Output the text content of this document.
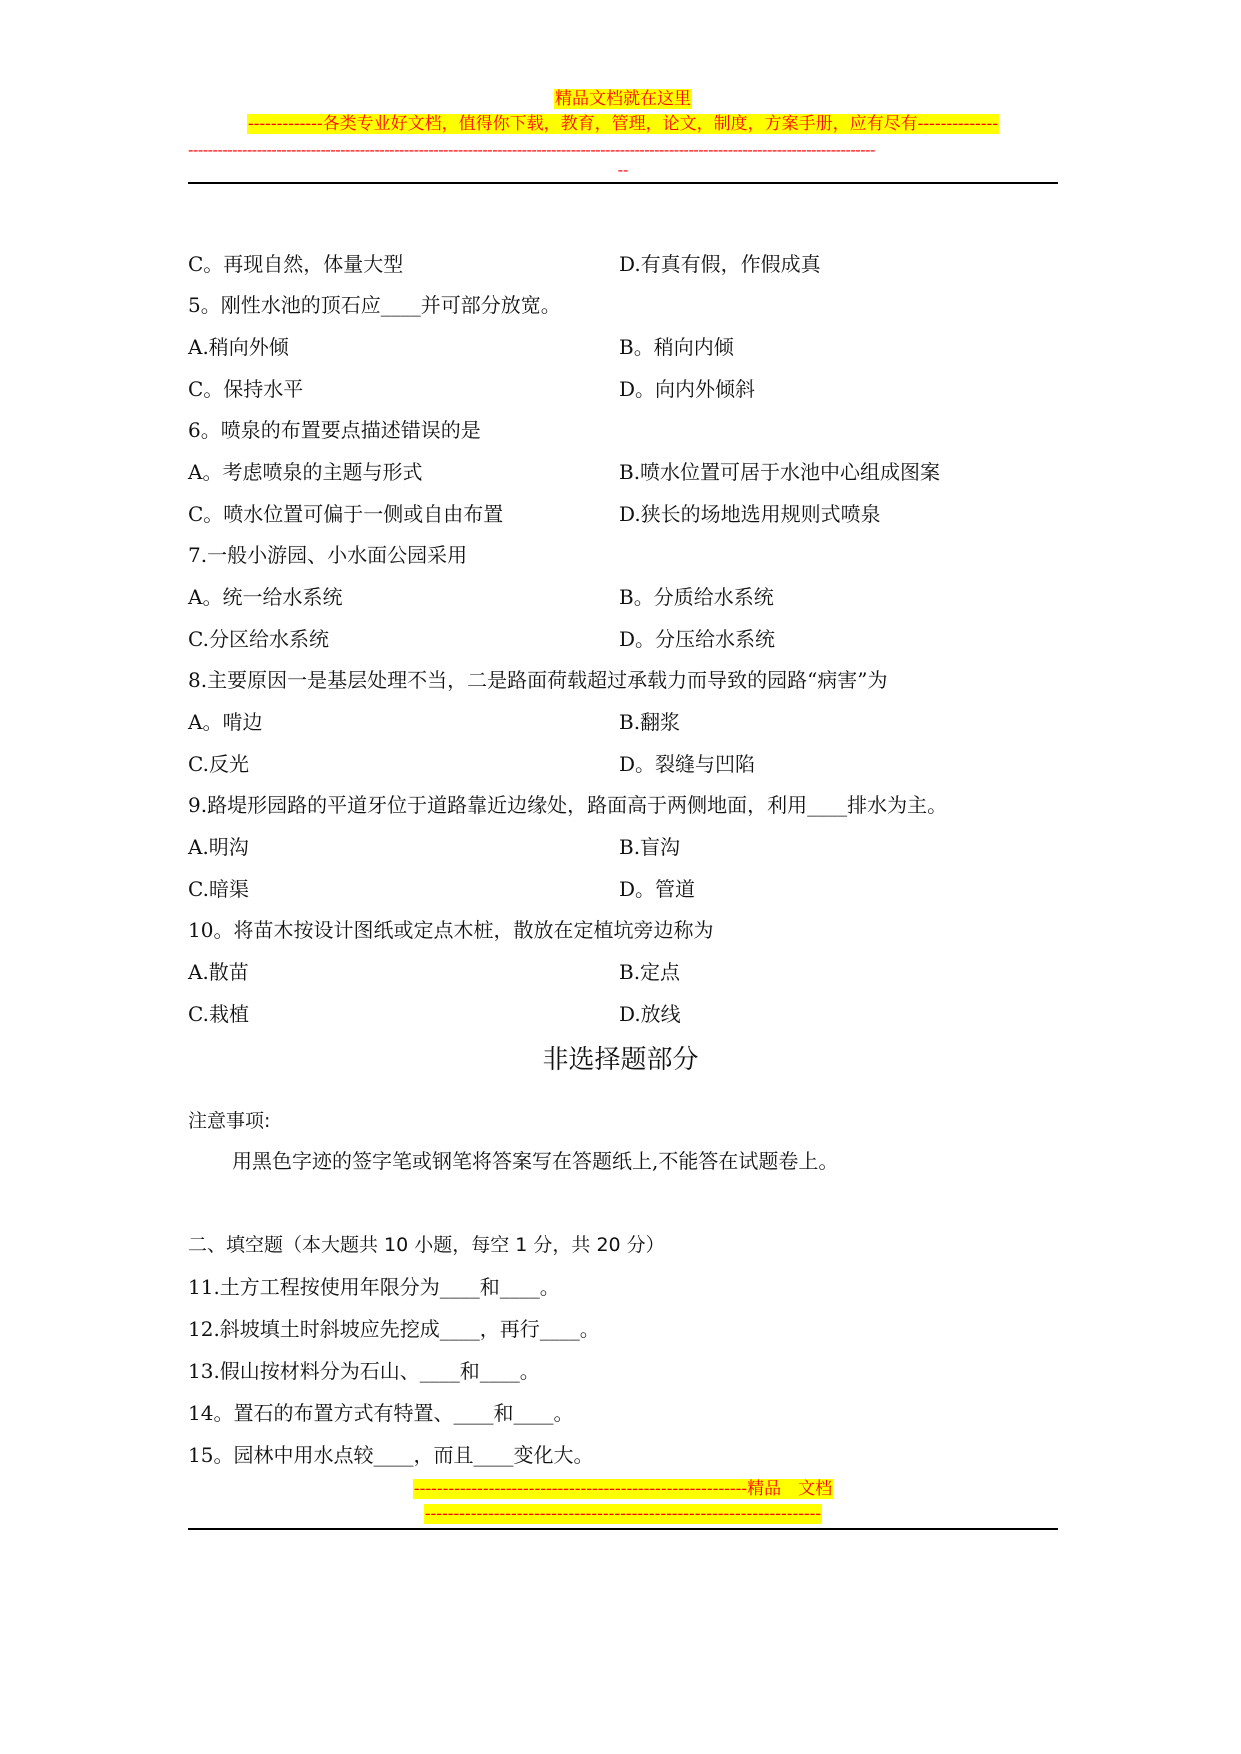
精品文档就在这里
-------------各类专业好文档，值得你下载，教育，管理，论文，制度，方案手册，应有尽有--------------
--------------------------------------------------------------------------------------------------------------------------------------------
--
C。再现自然，体量大型	D.有真有假，作假成真
5。刚性水池的顶石应____并可部分放宽。
A.稍向外倾	B。稍向内倾
C。保持水平	D。向内外倾斜
6。喷泉的布置要点描述错误的是
A。考虑喷泉的主题与形式	B.喷水位置可居于水池中心组成图案
C。喷水位置可偏于一侧或自由布置	D.狭长的场地选用规则式喷泉
7.一般小游园、小水面公园采用
A。统一给水系统	B。分质给水系统
C.分区给水系统	D。分压给水系统
8.主要原因一是基层处理不当，二是路面荷载超过承载力而导致的园路“病害”为
A。啃边	B.翻浆
C.反光	D。裂缝与凹陷
9.路堤形园路的平道牙位于道路靠近边缘处，路面高于两侧地面，利用____排水为主。
A.明沟	B.盲沟
C.暗渠	D。管道
10。将苗木按设计图纸或定点木桩，散放在定植坑旁边称为
A.散苗	B.定点
C.栽植	D.放线
非选择题部分
注意事项:
用黑色字迹的签字笔或钢笔将答案写在答题纸上,不能答在试题卷上。
二、填空题（本大题共 10 小题，每空 1 分，共 20 分）
11.土方工程按使用年限分为____和____。
12.斜坡填土时斜坡应先挖成____，再行____。
13.假山按材料分为石山、____和____。
14。置石的布置方式有特置、____和____。
15。园林中用水点较____，而且____变化大。
----------------------------------------------------------精品　文档
---------------------------------------------------------------------
